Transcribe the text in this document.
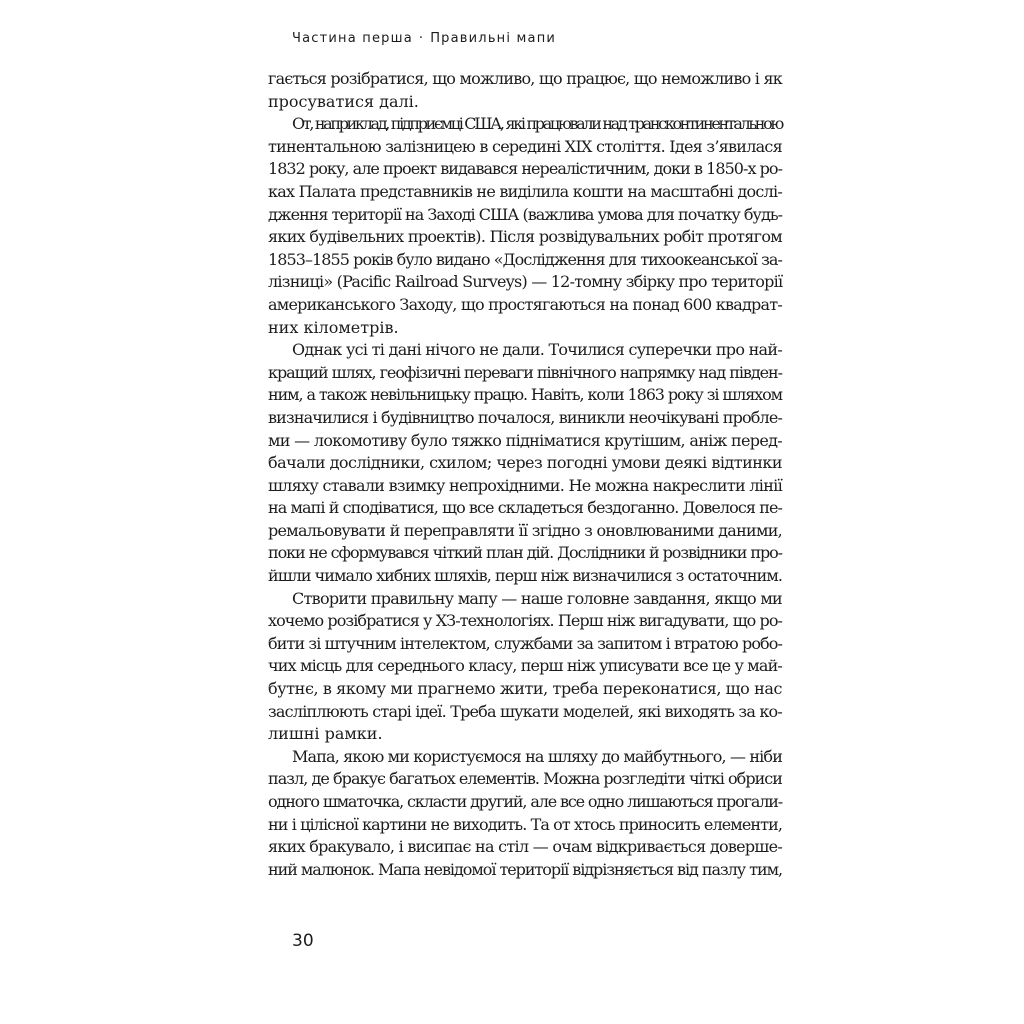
Частина перша · Правильні мапи
гається розібратися, що можливо, що працює, що неможливо і як
просуватися далі.
От, наприклад, підприємці США, які працювали над трансконтинентальною
тинентальною залізницею в середині XIX століття. Ідея з’явилася
1832 року, але проект видавався нереалістичним, доки в 1850-х ро-
ках Палата представників не виділила кошти на масштабні дослі-
дження території на Заході США (важлива умова для початку будь-
яких будівельних проектів). Після розвідувальних робіт протягом
1853–1855 років було видано «Дослідження для тихоокеанської за-
лізниці» (Pacific Railroad Surveys) — 12-томну збірку про території
американського Заходу, що простягаються на понад 600 квадрат-
них кілометрів.
Однак усі ті дані нічого не дали. Точилися суперечки про най-
кращий шлях, геофізичні переваги північного напрямку над півден-
ним, а також невільницьку працю. Навіть, коли 1863 року зі шляхом
визначилися і будівництво почалося, виникли неочікувані пробле-
ми — локомотиву було тяжко підніматися крутішим, аніж перед-
бачали дослідники, схилом; через погодні умови деякі відтинки
шляху ставали взимку непрохідними. Не можна накреслити лінії
на мапі й сподіватися, що все складеться бездоганно. Довелося пе-
ремальовувати й переправляти її згідно з оновлюваними даними,
поки не сформувався чіткий план дій. Дослідники й розвідники про-
йшли чимало хибних шляхів, перш ніж визначилися з остаточним.
Створити правильну мапу — наше головне завдання, якщо ми
хочемо розібратися у ХЗ-технологіях. Перш ніж вигадувати, що ро-
бити зі штучним інтелектом, службами за запитом і втратою робо-
чих місць для середнього класу, перш ніж уписувати все це у май-
бутнє, в якому ми прагнемо жити, треба переконатися, що нас
засліплюють старі ідеї. Треба шукати моделей, які виходять за ко-
лишні рамки.
Мапа, якою ми користуємося на шляху до майбутнього, — ніби
пазл, де бракує багатьох елементів. Можна розгледіти чіткі обриси
одного шматочка, скласти другий, але все одно лишаються прогали-
ни і цілісної картини не виходить. Та от хтось приносить елементи,
яких бракувало, і висипає на стіл — очам відкривається довершe-
ний малюнок. Мапа невідомої території відрізняється від пазлу тим,
30
